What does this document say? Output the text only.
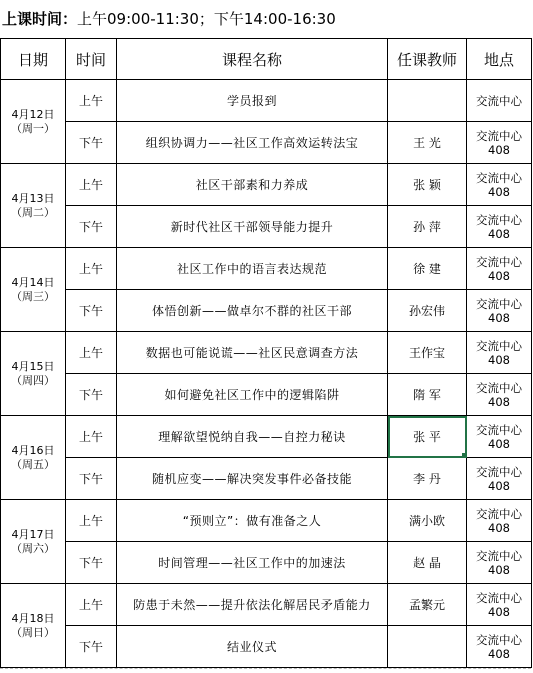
上课时间：上午09:00-11:30；下午14:00-16:30
日期	时间	课程名称	任课教师	地点

4月12日
（周一）	上午	学员报到		交流中心

	下午	组织协调力——社区工作高效运转法宝	王 光	交流中心
408

4月13日
（周二）	上午	社区干部素和力养成	张 颖	交流中心
408

	下午	新时代社区干部领导能力提升	孙 萍	交流中心
408

4月14日
（周三）	上午	社区工作中的语言表达规范	徐 建	交流中心
408

	下午	体悟创新——做卓尔不群的社区干部	孙宏伟	交流中心
408

4月15日
（周四）	上午	数据也可能说谎——社区民意调查方法	王作宝	交流中心
408

	下午	如何避免社区工作中的逻辑陷阱	隋 军	交流中心
408

4月16日
（周五）	上午	理解欲望悦纳自我——自控力秘诀	张 平	交流中心
408

	下午	随机应变——解决突发事件必备技能	李 丹	交流中心
408

4月17日
（周六）	上午	“预则立”：做有准备之人	满小欧	交流中心
408

	下午	时间管理——社区工作中的加速法	赵 晶	交流中心
408

4月18日
（周日）	上午	防患于未然——提升依法化解居民矛盾能力	孟繁元	交流中心
408

	下午	结业仪式		交流中心
408
